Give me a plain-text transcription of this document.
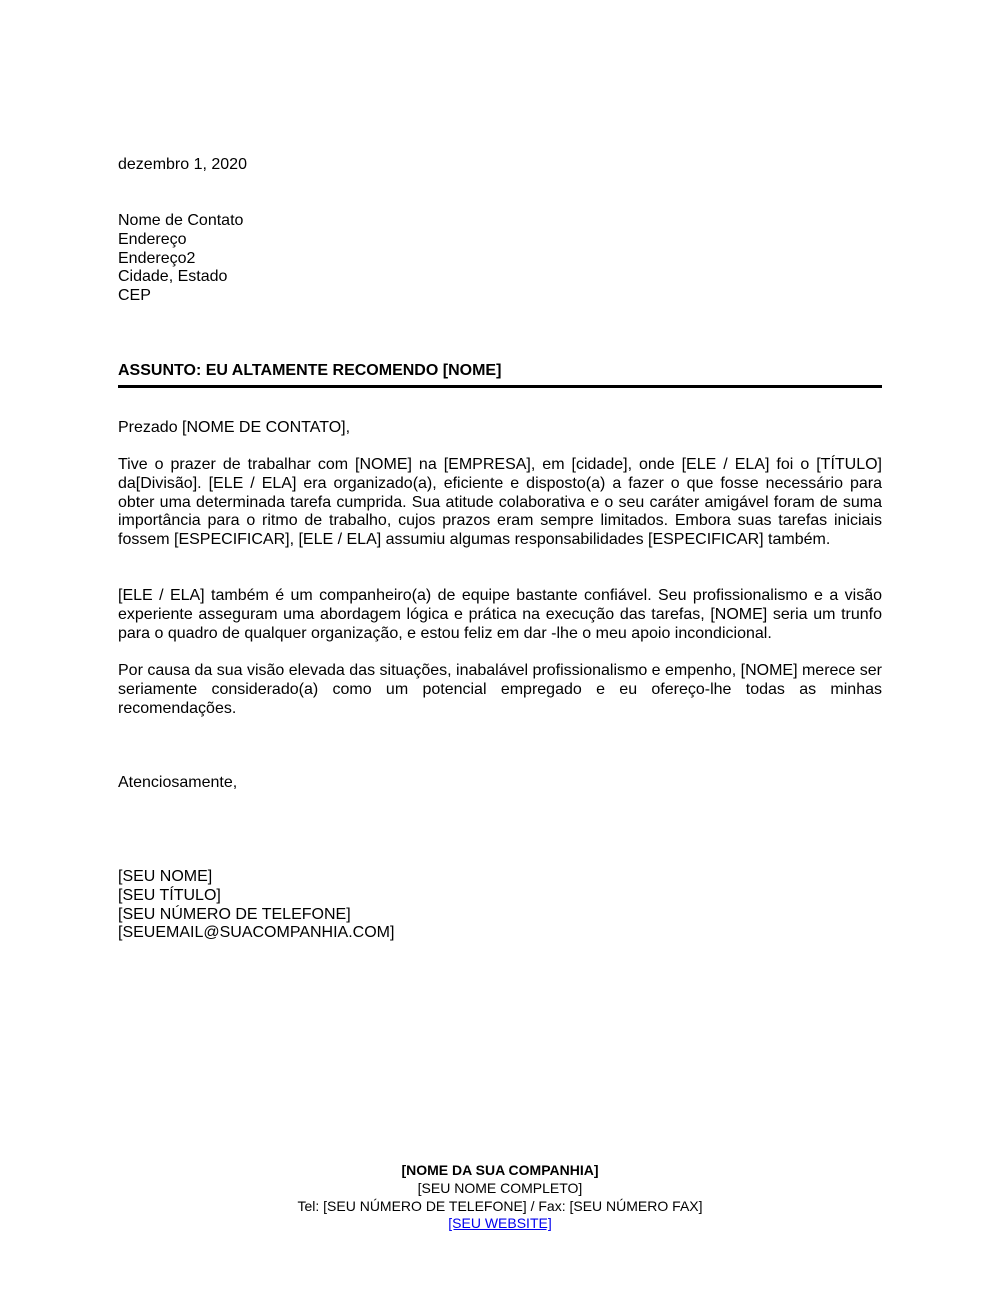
dezembro 1, 2020
Nome de Contato
Endereço
Endereço2
Cidade, Estado
CEP
ASSUNTO: EU ALTAMENTE RECOMENDO [NOME]
Prezado [NOME DE CONTATO],
Tive o prazer de trabalhar com [NOME] na [EMPRESA], em [cidade], onde [ELE / ELA] foi o [TÍTULO] da[Divisão]. [ELE / ELA] era organizado(a), eficiente e disposto(a) a fazer o que fosse necessário para obter uma determinada tarefa cumprida. Sua atitude colaborativa e o seu caráter amigável foram de suma importância para o ritmo de trabalho, cujos prazos eram sempre limitados. Embora suas tarefas iniciais fossem [ESPECIFICAR], [ELE / ELA] assumiu algumas responsabilidades [ESPECIFICAR] também.
[ELE / ELA] também é um companheiro(a) de equipe bastante confiável. Seu profissionalismo e a visão experiente asseguram uma abordagem lógica e prática na execução das tarefas, [NOME] seria um trunfo para o quadro de qualquer organização, e estou feliz em dar -lhe o meu apoio incondicional.
Por causa da sua visão elevada das situações, inabalável profissionalismo e empenho, [NOME] merece ser seriamente considerado(a) como um potencial empregado e eu ofereço-lhe todas as minhas recomendações.
Atenciosamente,
[SEU NOME]
[SEU TÍTULO]
[SEU NÚMERO DE TELEFONE]
[SEUEMAIL@SUACOMPANHIA.COM]
[NOME DA SUA COMPANHIA]
[SEU NOME COMPLETO]
Tel: [SEU NÚMERO DE TELEFONE] / Fax: [SEU NÚMERO FAX]
[SEU WEBSITE]
